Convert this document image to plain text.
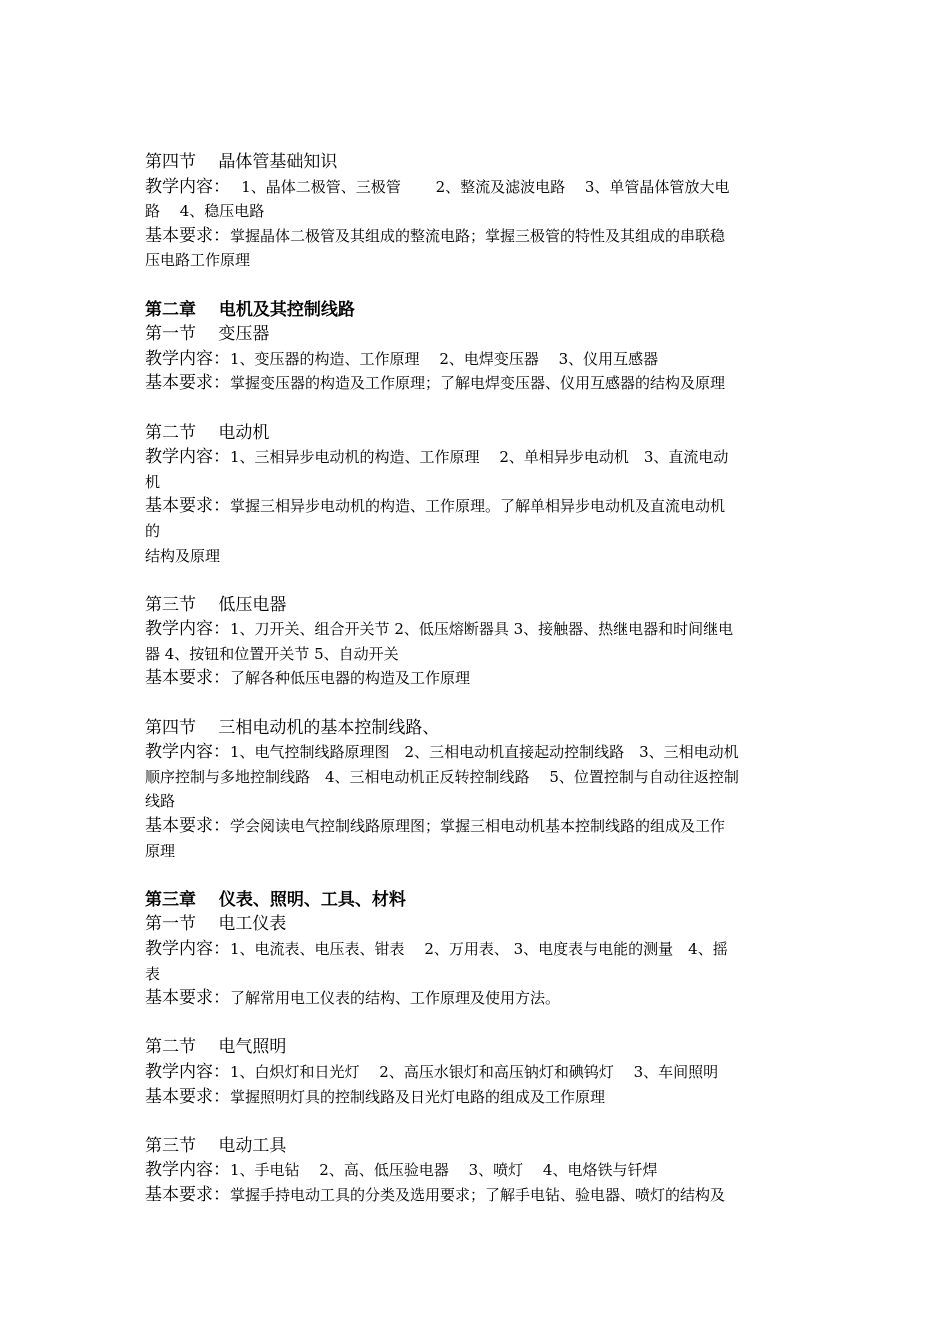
第四节　 晶体管基础知识
教学内容：　 1、晶体二极管、三极管　　 2、整流及滤波电路　 3、单管晶体管放大电
路　 4、稳压电路
基本要求：掌握晶体二极管及其组成的整流电路；掌握三极管的特性及其组成的串联稳
压电路工作原理
第二章　 电机及其控制线路
第一节　 变压器
教学内容：1、变压器的构造、工作原理　 2、电焊变压器　 3、仪用互感器
基本要求：掌握变压器的构造及工作原理；了解电焊变压器、仪用互感器的结构及原理
第二节　 电动机
教学内容：1、三相异步电动机的构造、工作原理　 2、单相异步电动机　3、直流电动
机
基本要求：掌握三相异步电动机的构造、工作原理。了解单相异步电动机及直流电动机
的
结构及原理
第三节　 低压电器
教学内容：1、刀开关、组合开关节 2、低压熔断器具 3、接触器、热继电器和时间继电
器 4、按钮和位置开关节 5、自动开关
基本要求：了解各种低压电器的构造及工作原理
第四节　 三相电动机的基本控制线路、
教学内容：1、电气控制线路原理图　2、三相电动机直接起动控制线路　3、三相电动机
顺序控制与多地控制线路　4、三相电动机正反转控制线路　 5、位置控制与自动往返控制
线路
基本要求：学会阅读电气控制线路原理图；掌握三相电动机基本控制线路的组成及工作
原理
第三章　 仪表、照明、工具、材料
第一节　 电工仪表
教学内容：1、电流表、电压表、钳表　 2、万用表、 3、电度表与电能的测量　4、摇
表
基本要求：了解常用电工仪表的结构、工作原理及使用方法。
第二节　 电气照明
教学内容：1、白炽灯和日光灯　 2、高压水银灯和高压钠灯和碘钨灯　 3、车间照明
基本要求：掌握照明灯具的控制线路及日光灯电路的组成及工作原理
第三节　 电动工具
教学内容：1、手电钻　 2、高、低压验电器　 3、喷灯　 4、电烙铁与钎焊
基本要求：掌握手持电动工具的分类及选用要求；了解手电钻、验电器、喷灯的结构及
